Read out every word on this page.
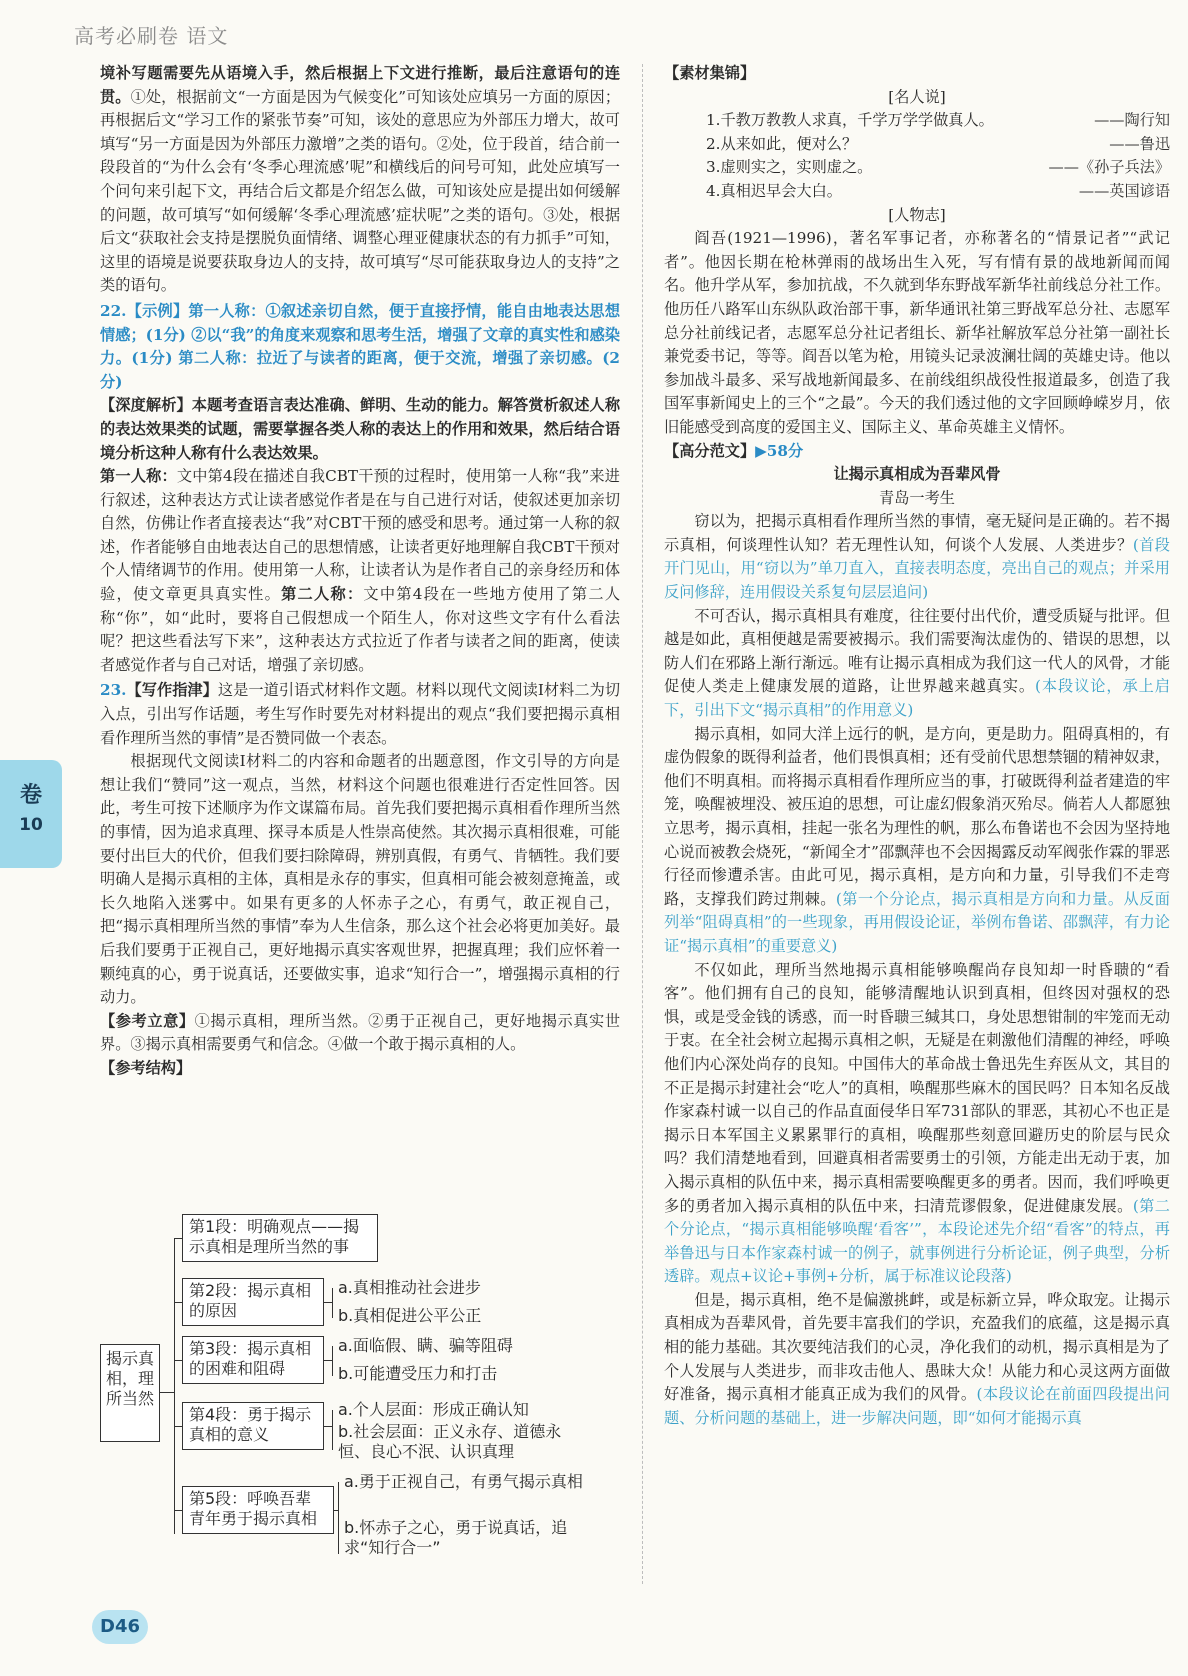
高考必刷卷 语文
卷
10

境补写题需要先从语境入手，然后根据上下文进行推断，最后注意语句的连贯。①处，根据前文“一方面是因为气候变化”可知该处应填另一方面的原因；再根据后文“学习工作的紧张节奏”可知，该处的意思应为外部压力增大，故可填写“另一方面是因为外部压力激增”之类的语句。②处，位于段首，结合前一段段首的“为什么会有‘冬季心理流感’呢”和横线后的问号可知，此处应填写一个问句来引起下文，再结合后文都是介绍怎么做，可知该处应是提出如何缓解的问题，故可填写“如何缓解‘冬季心理流感’症状呢”之类的语句。③处，根据后文“获取社会支持是摆脱负面情绪、调整心理亚健康状态的有力抓手”可知，这里的语境是说要获取身边人的支持，故可填写“尽可能获取身边人的支持”之类的语句。

22.【示例】第一人称：①叙述亲切自然，便于直接抒情，能自由地表达思想情感；(1分) ②以“我”的角度来观察和思考生活，增强了文章的真实性和感染力。(1分) 第二人称：拉近了与读者的距离，便于交流，增强了亲切感。(2分)

【深度解析】本题考查语言表达准确、鲜明、生动的能力。解答赏析叙述人称的表达效果类的试题，需要掌握各类人称的表达上的作用和效果，然后结合语境分析这种人称有什么表达效果。

第一人称：文中第4段在描述自我CBT干预的过程时，使用第一人称“我”来进行叙述，这种表达方式让读者感觉作者是在与自己进行对话，使叙述更加亲切自然，仿佛让作者直接表达“我”对CBT干预的感受和思考。通过第一人称的叙述，作者能够自由地表达自己的思想情感，让读者更好地理解自我CBT干预对个人情绪调节的作用。使用第一人称，让读者认为是作者自己的亲身经历和体验，使文章更具真实性。第二人称：文中第4段在一些地方使用了第二人称“你”，如“此时，要将自己假想成一个陌生人，你对这些文字有什么看法呢？把这些看法写下来”，这种表达方式拉近了作者与读者之间的距离，使读者感觉作者与自己对话，增强了亲切感。

23.【写作指津】这是一道引语式材料作文题。材料以现代文阅读Ⅰ材料二为切入点，引出写作话题，考生写作时要先对材料提出的观点“我们要把揭示真相看作理所当然的事情”是否赞同做一个表态。

根据现代文阅读Ⅰ材料二的内容和命题者的出题意图，作文引导的方向是想让我们“赞同”这一观点，当然，材料这个问题也很难进行否定性回答。因此，考生可按下述顺序为作文谋篇布局。首先我们要把揭示真相看作理所当然的事情，因为追求真理、探寻本质是人性崇高使然。其次揭示真相很难，可能要付出巨大的代价，但我们要扫除障碍，辨别真假，有勇气、肯牺牲。我们要明确人是揭示真相的主体，真相是永存的事实，但真相可能会被刻意掩盖，或长久地陷入迷雾中。如果有更多的人怀赤子之心，有勇气，敢正视自己，把“揭示真相理所当然的事情”奉为人生信条，那么这个社会必将更加美好。最后我们要勇于正视自己，更好地揭示真实客观世界，把握真理；我们应怀着一颗纯真的心，勇于说真话，还要做实事，追求“知行合一”，增强揭示真相的行动力。

【参考立意】①揭示真相，理所当然。②勇于正视自己，更好地揭示真实世界。③揭示真相需要勇气和信念。④做一个敢于揭示真相的人。

【参考结构】

揭示真相，理所当然
第1段：明确观点——揭示真相是理所当然的事
第2段：揭示真相的原因
a.真相推动社会进步
b.真相促进公平公正
第3段：揭示真相的困难和阻碍
a.面临假、瞒、骗等阻碍
b.可能遭受压力和打击
第4段：勇于揭示真相的意义
a.个人层面：形成正确认知
b.社会层面：正义永存、道德永恒、良心不泯、认识真理
第5段：呼唤吾辈青年勇于揭示真相
a.勇于正视自己，有勇气揭示真相
b.怀赤子之心，勇于说真话，追求“知行合一”

【素材集锦】

[名人说]

1.千教万教教人求真，千学万学学做真人。	——陶行知
2.从来如此，便对么？	——鲁迅
3.虚则实之，实则虚之。	——《孙子兵法》
4.真相迟早会大白。	——英国谚语

[人物志]

阎吾(1921—1996)，著名军事记者，亦称著名的“情景记者”“武记者”。他因长期在枪林弹雨的战场出生入死，写有情有景的战地新闻而闻名。他升学从军，参加抗战，不久就到华东野战军新华社前线总分社工作。他历任八路军山东纵队政治部干事，新华通讯社第三野战军总分社、志愿军总分社前线记者，志愿军总分社记者组长、新华社解放军总分社第一副社长兼党委书记，等等。阎吾以笔为枪，用镜头记录波澜壮阔的英雄史诗。他以参加战斗最多、采写战地新闻最多、在前线组织战役性报道最多，创造了我国军事新闻史上的三个“之最”。今天的我们透过他的文字回顾峥嵘岁月，依旧能感受到高度的爱国主义、国际主义、革命英雄主义情怀。

【高分范文】▶58分

让揭示真相成为吾辈风骨

青岛一考生

窃以为，把揭示真相看作理所当然的事情，毫无疑问是正确的。若不揭示真相，何谈理性认知？若无理性认知，何谈个人发展、人类进步？(首段开门见山，用“窃以为”单刀直入，直接表明态度，亮出自己的观点；并采用反问修辞，连用假设关系复句层层追问)

不可否认，揭示真相具有难度，往往要付出代价，遭受质疑与批评。但越是如此，真相便越是需要被揭示。我们需要淘汰虚伪的、错误的思想，以防人们在邪路上渐行渐远。唯有让揭示真相成为我们这一代人的风骨，才能促使人类走上健康发展的道路，让世界越来越真实。(本段议论，承上启下，引出下文“揭示真相”的作用意义)

揭示真相，如同大洋上远行的帆，是方向，更是助力。阻碍真相的，有虚伪假象的既得利益者，他们畏惧真相；还有受前代思想禁锢的精神奴隶，他们不明真相。而将揭示真相看作理所应当的事，打破既得利益者建造的牢笼，唤醒被埋没、被压迫的思想，可让虚幻假象消灭殆尽。倘若人人都愿独立思考，揭示真相，挂起一张名为理性的帆，那么布鲁诺也不会因为坚持地心说而被教会烧死，“新闻全才”邵飘萍也不会因揭露反动军阀张作霖的罪恶行径而惨遭杀害。由此可见，揭示真相，是方向和力量，引导我们不走弯路，支撑我们跨过荆棘。(第一个分论点，揭示真相是方向和力量。从反面列举“阻碍真相”的一些现象，再用假设论证，举例布鲁诺、邵飘萍，有力论证“揭示真相”的重要意义)

不仅如此，理所当然地揭示真相能够唤醒尚存良知却一时昏聩的“看客”。他们拥有自己的良知，能够清醒地认识到真相，但终因对强权的恐惧，或是受金钱的诱惑，而一时昏聩三缄其口，身处思想钳制的牢笼而无动于衷。在全社会树立起揭示真相之帜，无疑是在刺激他们清醒的神经，呼唤他们内心深处尚存的良知。中国伟大的革命战士鲁迅先生弃医从文，其目的不正是揭示封建社会“吃人”的真相，唤醒那些麻木的国民吗？日本知名反战作家森村诚一以自己的作品直面侵华日军731部队的罪恶，其初心不也正是揭示日本军国主义累累罪行的真相，唤醒那些刻意回避历史的阶层与民众吗？我们清楚地看到，回避真相者需要勇士的引领，方能走出无动于衷，加入揭示真相的队伍中来，揭示真相需要唤醒更多的勇者。因而，我们呼唤更多的勇者加入揭示真相的队伍中来，扫清荒谬假象，促进健康发展。(第二个分论点，“揭示真相能够唤醒‘看客’”，本段论述先介绍“看客”的特点，再举鲁迅与日本作家森村诚一的例子，就事例进行分析论证，例子典型，分析透辟。观点+议论+事例+分析，属于标准议论段落)

但是，揭示真相，绝不是偏激挑衅，或是标新立异，哗众取宠。让揭示真相成为吾辈风骨，首先要丰富我们的学识，充盈我们的底蕴，这是揭示真相的能力基础。其次要纯洁我们的心灵，净化我们的动机，揭示真相是为了个人发展与人类进步，而非攻击他人、愚昧大众！从能力和心灵这两方面做好准备，揭示真相才能真正成为我们的风骨。(本段议论在前面四段提出问题、分析问题的基础上，进一步解决问题，即“如何才能揭示真

D46
